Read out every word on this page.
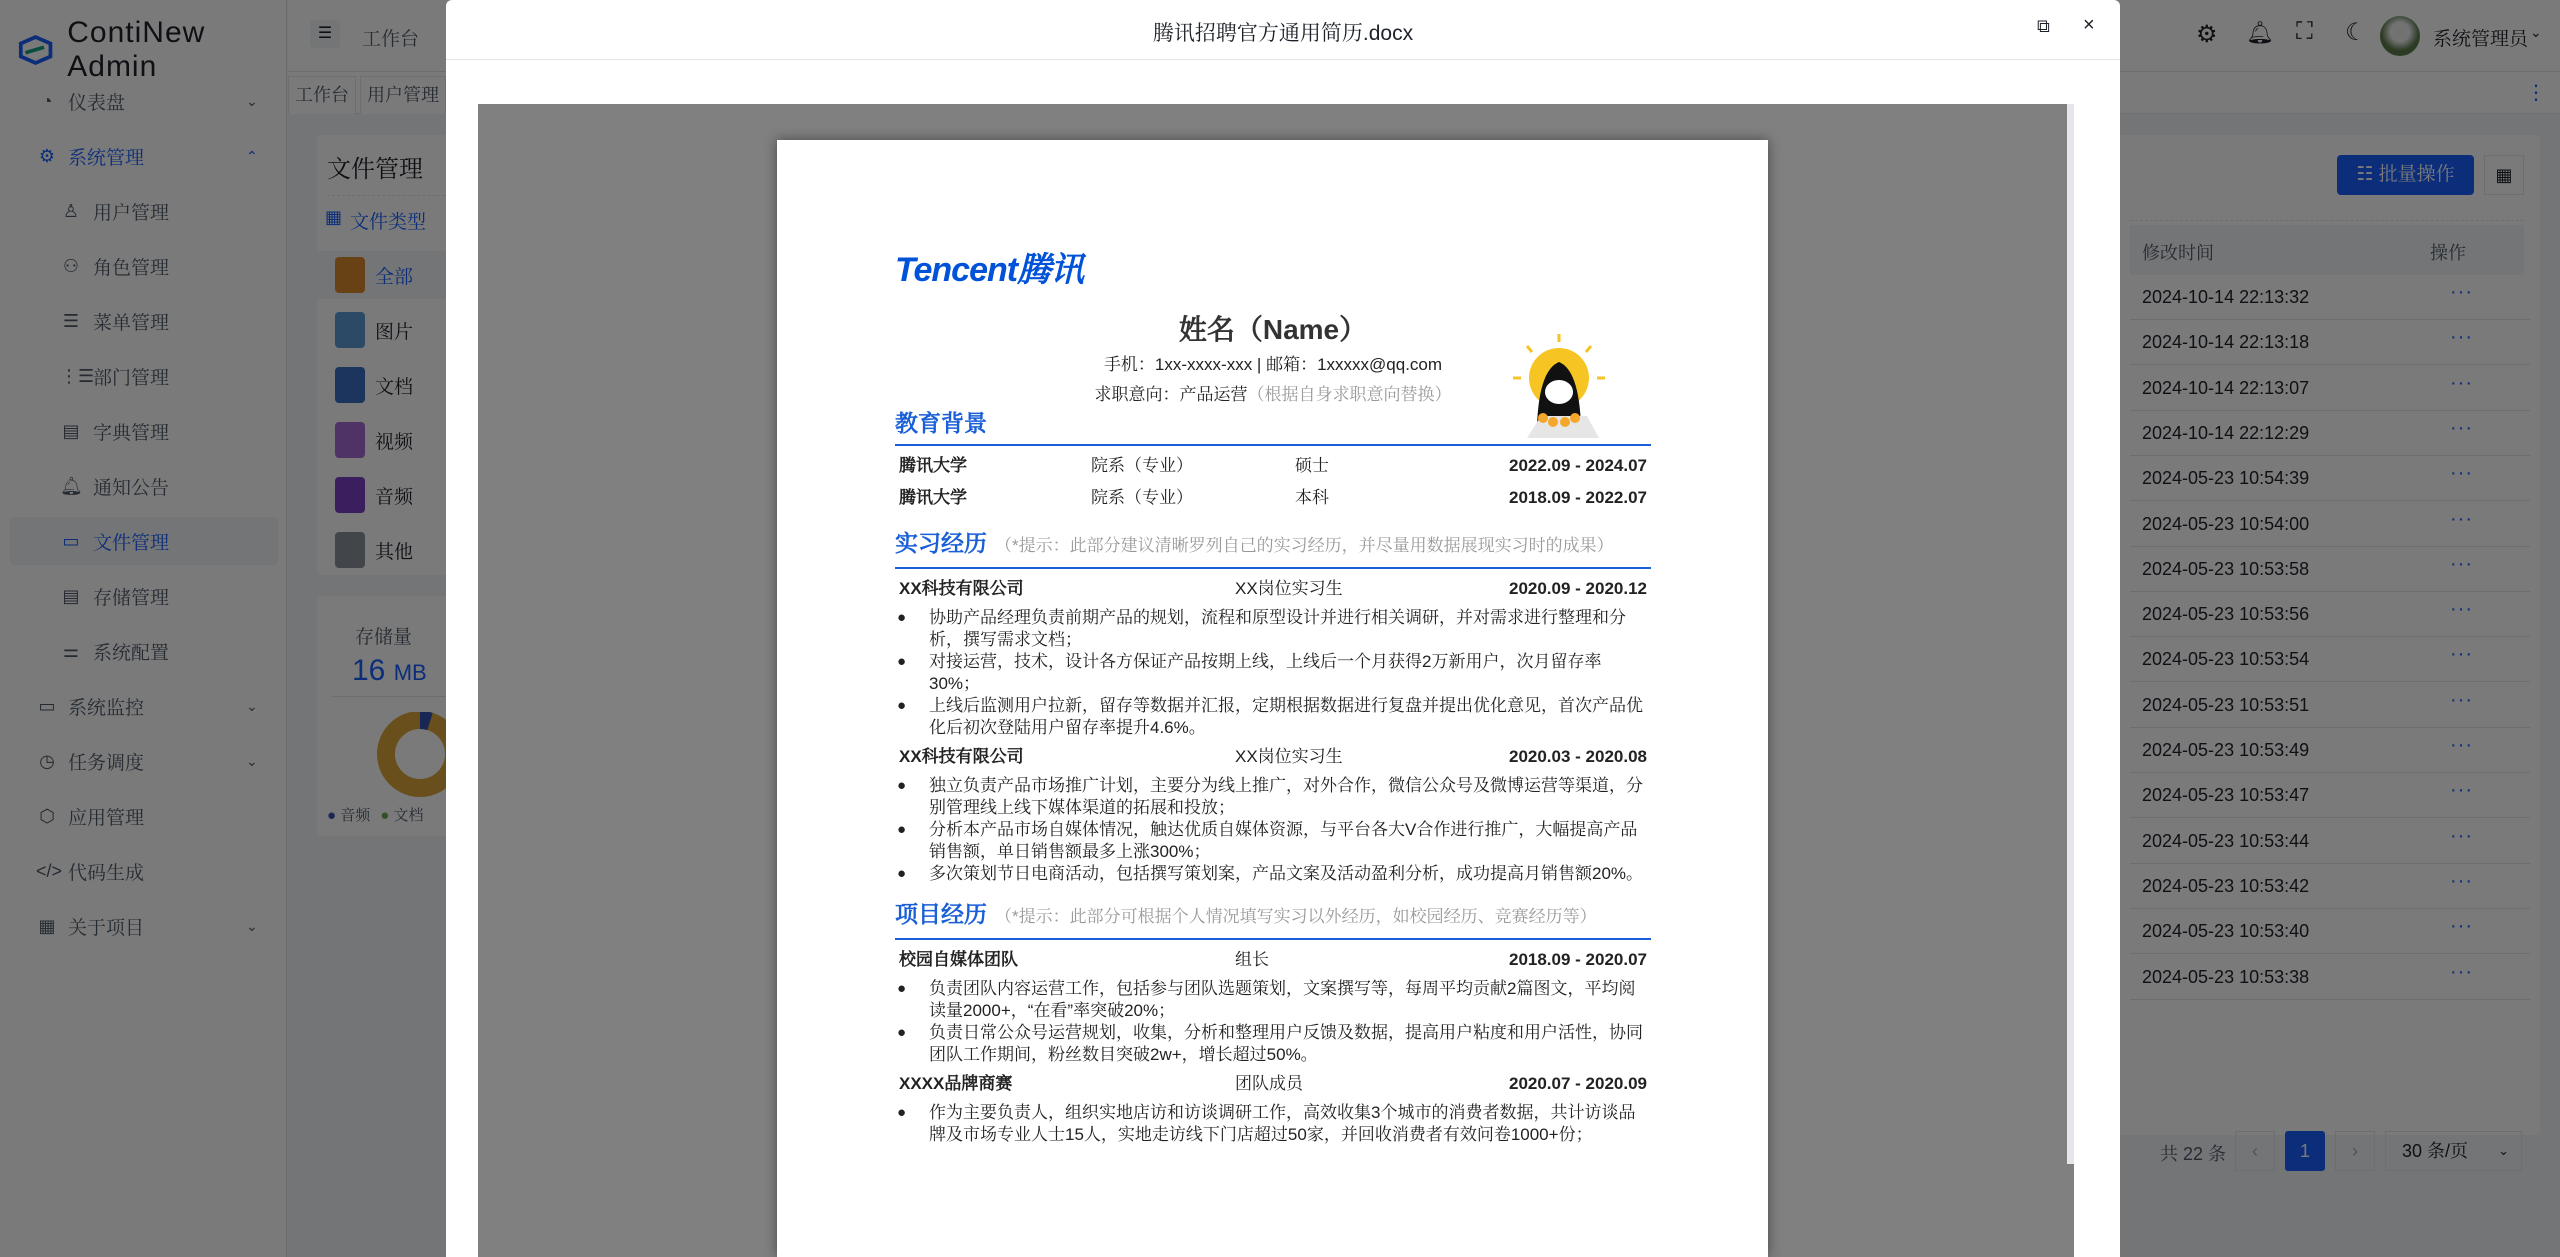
ContiNew Admin
◔ 仪表盘	⌄
⚙ 系统管理	⌃
♙ 用户管理
⚇ 角色管理
☰ 菜单管理
⋮☰
部门管理
▤ 字典管理
🔔︎ 通知公告
▭ 文件管理
▤ 存储管理
⚌ 系统配置
▭ 系统监控	⌄
◷ 任务调度	⌄
⬡ 应用管理
</> 代码生成
▦ 关于项目	⌄
☰	工作台	⚙ 🔔︎ ⛶ ☾	系统管理员 ⌄
工作台	用户管理	⋮
文件管理
▦ 文件类型
全部
图片
文档
视频
音频
其他
存储量
16 MB
● 音频 ● 文档
☷ 批量操作	▦
修改时间	操作
2024-10-14 22:13:32	···
2024-10-14 22:13:18	···
2024-10-14 22:13:07	···
2024-10-14 22:12:29	···
2024-05-23 10:54:39	···
2024-05-23 10:54:00	···
2024-05-23 10:53:58	···
2024-05-23 10:53:56	···
2024-05-23 10:53:54	···
2024-05-23 10:53:51	···
2024-05-23 10:53:49	···
2024-05-23 10:53:47	···
2024-05-23 10:53:44	···
2024-05-23 10:53:42	···
2024-05-23 10:53:40	···
2024-05-23 10:53:38	···
共 22 条	‹	1	›	30 条/页 ⌄
腾讯招聘官方通用简历.docx	⧉ ×
Tencent腾讯
姓名（Name）
手机：1xx-xxxx-xxx | 邮箱：1xxxxx@qq.com
求职意向：产品运营（根据自身求职意向替换）
教育背景
腾讯大学	院系（专业）	硕士	2022.09 - 2024.07
腾讯大学	院系（专业）	本科	2018.09 - 2022.07
实习经历 （*提示：此部分建议清晰罗列自己的实习经历，并尽量用数据展现实习时的成果）
XX科技有限公司	XX岗位实习生	2020.09 - 2020.12
● 协助产品经理负责前期产品的规划，流程和原型设计并进行相关调研，并对需求进行整理和分析，撰写需求文档；
● 对接运营，技术，设计各方保证产品按期上线，上线后一个月获得2万新用户，次月留存率30%；
● 上线后监测用户拉新，留存等数据并汇报，定期根据数据进行复盘并提出优化意见，首次产品优化后初次登陆用户留存率提升4.6%。
XX科技有限公司	XX岗位实习生	2020.03 - 2020.08
● 独立负责产品市场推广计划，主要分为线上推广，对外合作，微信公众号及微博运营等渠道，分别管理线上线下媒体渠道的拓展和投放；
● 分析本产品市场自媒体情况，触达优质自媒体资源，与平台各大V合作进行推广，大幅提高产品销售额，单日销售额最多上涨300%；
● 多次策划节日电商活动，包括撰写策划案，产品文案及活动盈利分析，成功提高月销售额20%。
项目经历 （*提示：此部分可根据个人情况填写实习以外经历，如校园经历、竞赛经历等）
校园自媒体团队	组长	2018.09 - 2020.07
● 负责团队内容运营工作，包括参与团队选题策划，文案撰写等，每周平均贡献2篇图文，平均阅读量2000+，“在看”率突破20%；
● 负责日常公众号运营规划，收集，分析和整理用户反馈及数据，提高用户粘度和用户活性，协同团队工作期间，粉丝数目突破2w+，增长超过50%。
XXXX品牌商赛	团队成员	2020.07 - 2020.09
● 作为主要负责人，组织实地店访和访谈调研工作，高效收集3个城市的消费者数据，共计访谈品牌及市场专业人士15人，实地走访线下门店超过50家，并回收消费者有效问卷1000+份；
